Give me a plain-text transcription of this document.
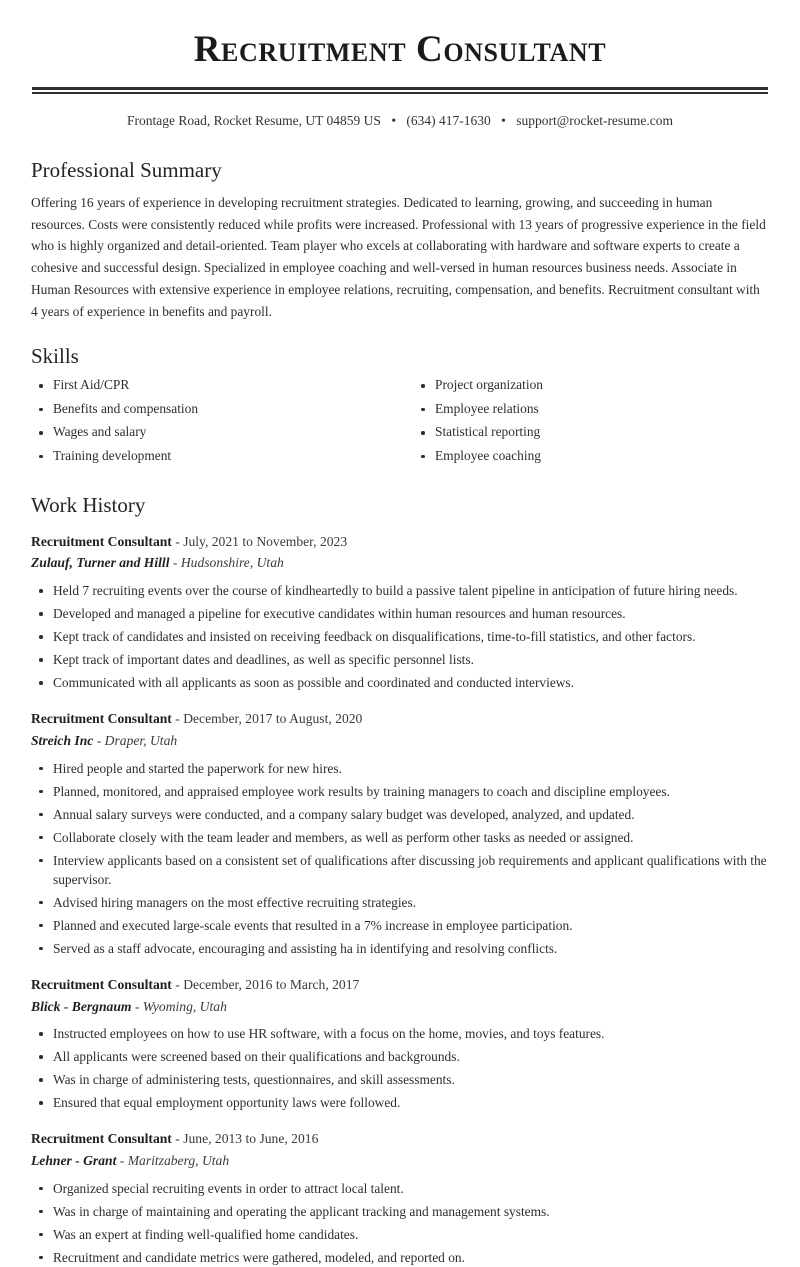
Recruitment Consultant
Frontage Road, Rocket Resume, UT 04859 US • (634) 417-1630 • support@rocket-resume.com
Professional Summary

Offering 16 years of experience in developing recruitment strategies. Dedicated to learning, growing, and succeeding in human resources. Costs were consistently reduced while profits were increased. Professional with 13 years of progressive experience in the field who is highly organized and detail-oriented. Team player who excels at collaborating with hardware and software experts to create a cohesive and successful design. Specialized in employee coaching and well-versed in human resources business needs. Associate in Human Resources with extensive experience in employee relations, recruiting, compensation, and benefits. Recruitment consultant with 4 years of experience in benefits and payroll.

Skills
First Aid/CPR
Benefits and compensation
Wages and salary
Training development
Project organization
Employee relations
Statistical reporting
Employee coaching
Work History
Recruitment Consultant - July, 2021 to November, 2023
Zulauf, Turner and Hilll - Hudsonshire, Utah
Held 7 recruiting events over the course of kindheartedly to build a passive talent pipeline in anticipation of future hiring needs.
Developed and managed a pipeline for executive candidates within human resources and human resources.
Kept track of candidates and insisted on receiving feedback on disqualifications, time-to-fill statistics, and other factors.
Kept track of important dates and deadlines, as well as specific personnel lists.
Communicated with all applicants as soon as possible and coordinated and conducted interviews.
Recruitment Consultant - December, 2017 to August, 2020
Streich Inc - Draper, Utah
Hired people and started the paperwork for new hires.
Planned, monitored, and appraised employee work results by training managers to coach and discipline employees.
Annual salary surveys were conducted, and a company salary budget was developed, analyzed, and updated.
Collaborate closely with the team leader and members, as well as perform other tasks as needed or assigned.
Interview applicants based on a consistent set of qualifications after discussing job requirements and applicant qualifications with the supervisor.
Advised hiring managers on the most effective recruiting strategies.
Planned and executed large-scale events that resulted in a 7% increase in employee participation.
Served as a staff advocate, encouraging and assisting ha in identifying and resolving conflicts.
Recruitment Consultant - December, 2016 to March, 2017
Blick - Bergnaum - Wyoming, Utah
Instructed employees on how to use HR software, with a focus on the home, movies, and toys features.
All applicants were screened based on their qualifications and backgrounds.
Was in charge of administering tests, questionnaires, and skill assessments.
Ensured that equal employment opportunity laws were followed.
Recruitment Consultant - June, 2013 to June, 2016
Lehner - Grant - Maritzaberg, Utah
Organized special recruiting events in order to attract local talent.
Was in charge of maintaining and operating the applicant tracking and management systems.
Was an expert at finding well-qualified home candidates.
Recruitment and candidate metrics were gathered, modeled, and reported on.
